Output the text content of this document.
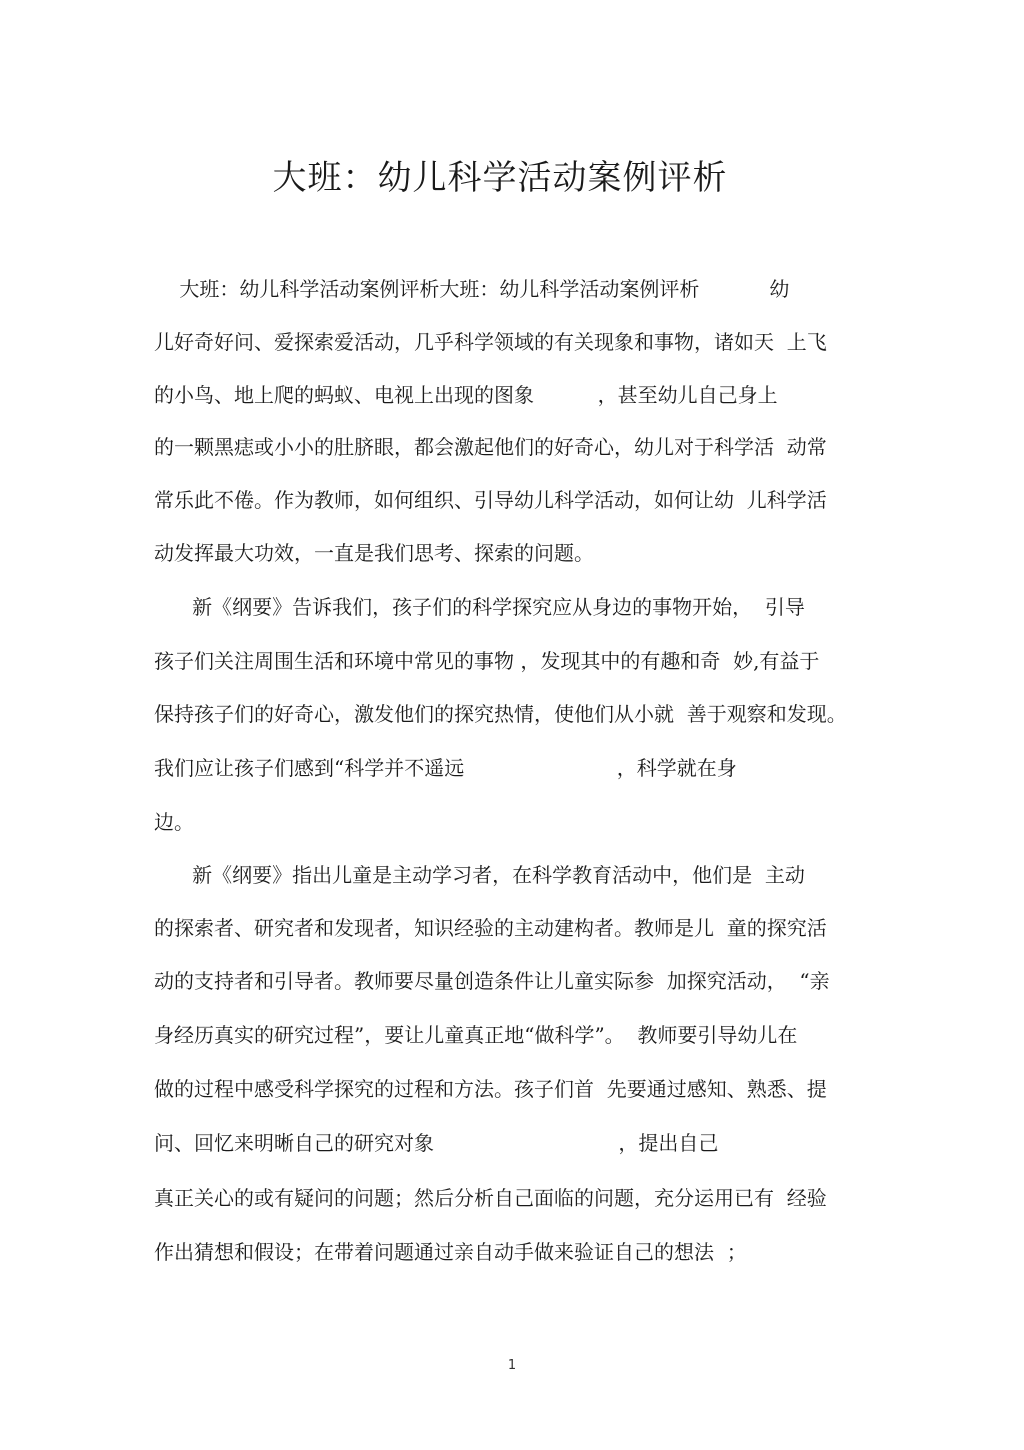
大班：幼儿科学活动案例评析
大班：幼儿科学活动案例评析大班：幼儿科学活动案例评析           幼
儿好奇好问、爱探索爱活动，几乎科学领域的有关现象和事物，诸如天  上飞
的小鸟、地上爬的蚂蚁、电视上出现的图象          ，甚至幼儿自己身上
的一颗黑痣或小小的肚脐眼，都会激起他们的好奇心，幼儿对于科学活  动常
常乐此不倦。作为教师，如何组织、引导幼儿科学活动，如何让幼  儿科学活
动发挥最大功效，一直是我们思考、探索的问题。
新《纲要》告诉我们，孩子们的科学探究应从身边的事物开始，  引导
孩子们关注周围生活和环境中常见的事物 ，发现其中的有趣和奇  妙,有益于
保持孩子们的好奇心，激发他们的探究热情，使他们从小就  善于观察和发现。
我们应让孩子们感到“科学并不遥远                        ，科学就在身
边。
新《纲要》指出儿童是主动学习者，在科学教育活动中，他们是  主动
的探索者、研究者和发现者，知识经验的主动建构者。教师是儿  童的探究活
动的支持者和引导者。教师要尽量创造条件让儿童实际参  加探究活动，  “亲
身经历真实的研究过程”，要让儿童真正地“做科学”。  教师要引导幼儿在
做的过程中感受科学探究的过程和方法。孩子们首  先要通过感知、熟悉、提
问、回忆来明晰自己的研究对象                             ，提出自己
真正关心的或有疑问的问题；然后分析自己面临的问题，充分运用已有  经验
作出猜想和假设；在带着问题通过亲自动手做来验证自己的想法  ；
1
